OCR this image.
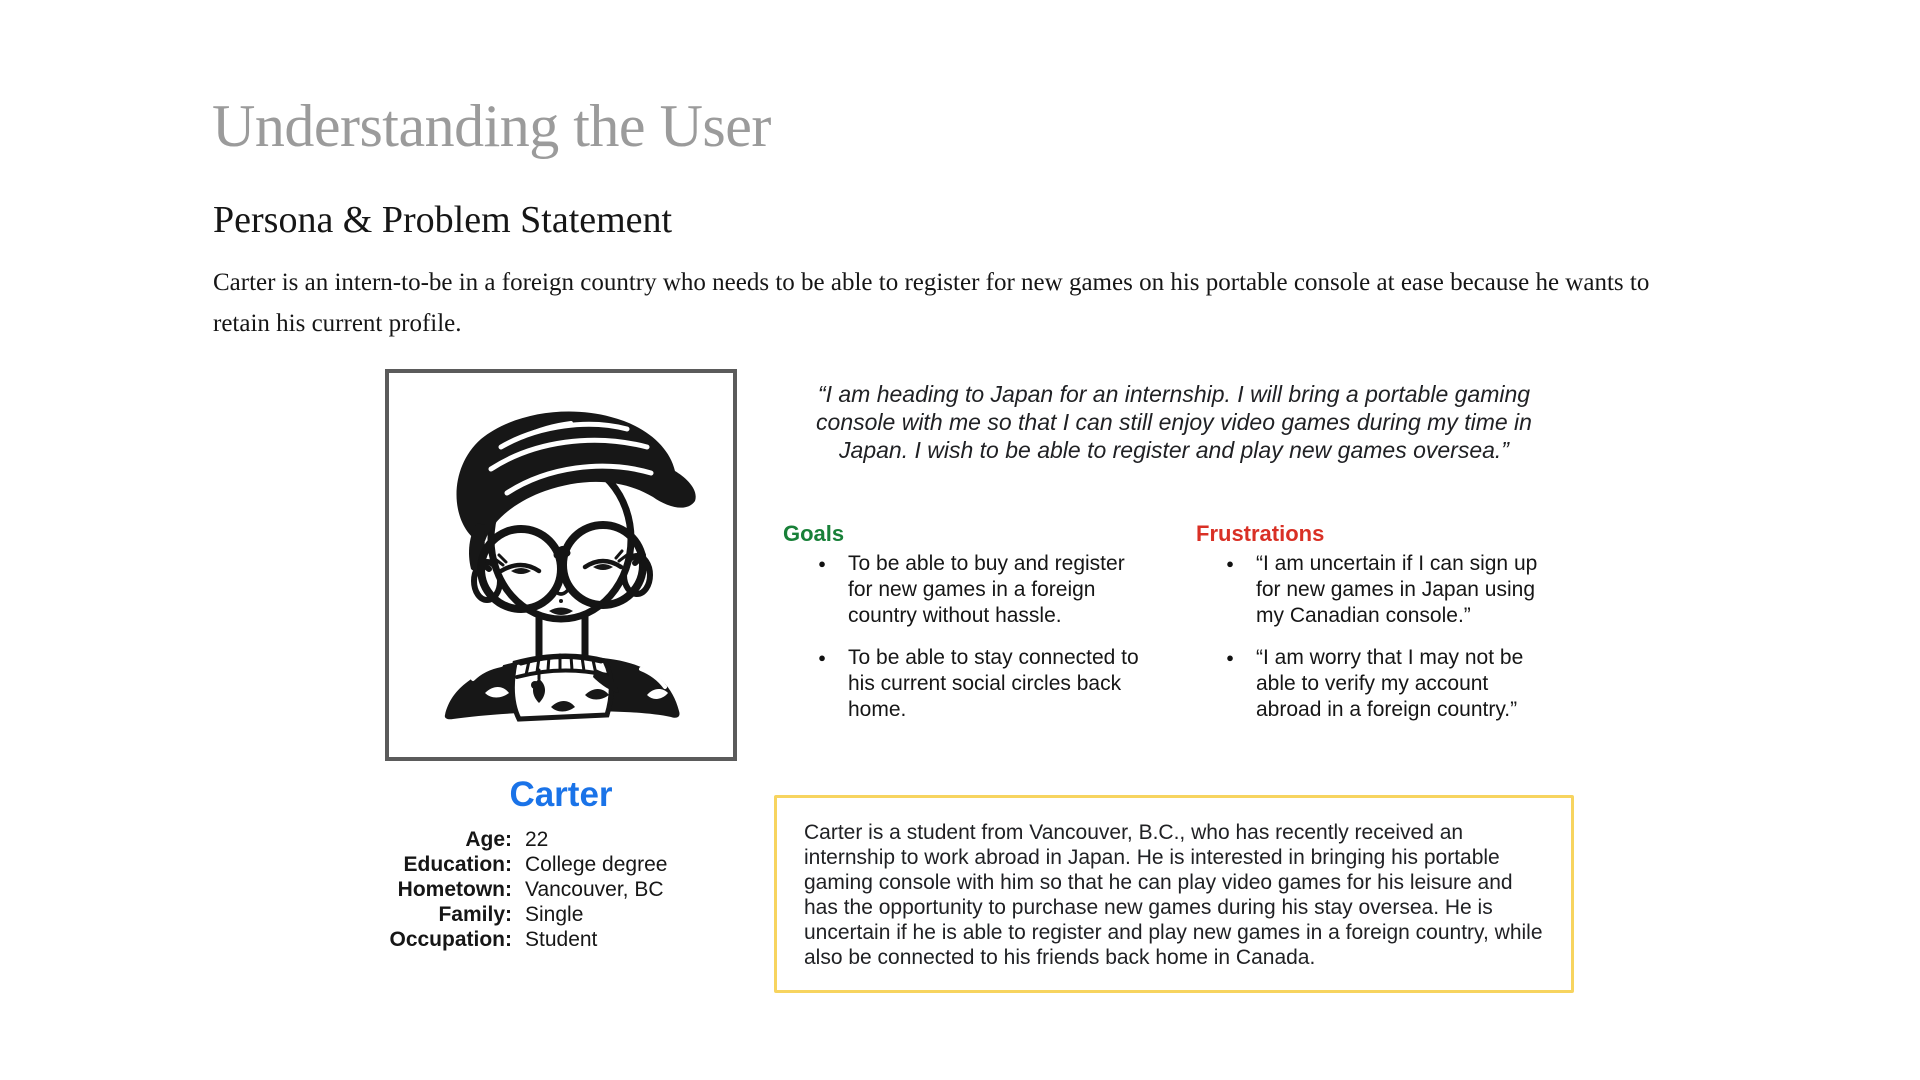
Understanding the User
Persona & Problem Statement

Carter is an intern-to-be in a foreign country who needs to be able to register for new games on his portable console at ease because he wants to retain his current profile.

Carter
Age: 22
Education: College degree
Hometown: Vancouver, BC
Family: Single
Occupation: Student
“I am heading to Japan for an internship. I will bring a portable gaming console with me so that I can still enjoy video games during my time in Japan. I wish to be able to register and play new games oversea.”
Goals
●	To be able to buy and register for new games in a foreign country without hassle.
●	To be able to stay connected to his current social circles back home.
Frustrations
●	“I am uncertain if I can sign up for new games in Japan using my Canadian console.”
●	“I am worry that I may not be able to verify my account abroad in a foreign country.”

Carter is a student from Vancouver, B.C., who has recently received an internship to work abroad in Japan. He is interested in bringing his portable gaming console with him so that he can play video games for his leisure and has the opportunity to purchase new games during his stay oversea. He is uncertain if he is able to register and play new games in a foreign country, while also be connected to his friends back home in Canada.
